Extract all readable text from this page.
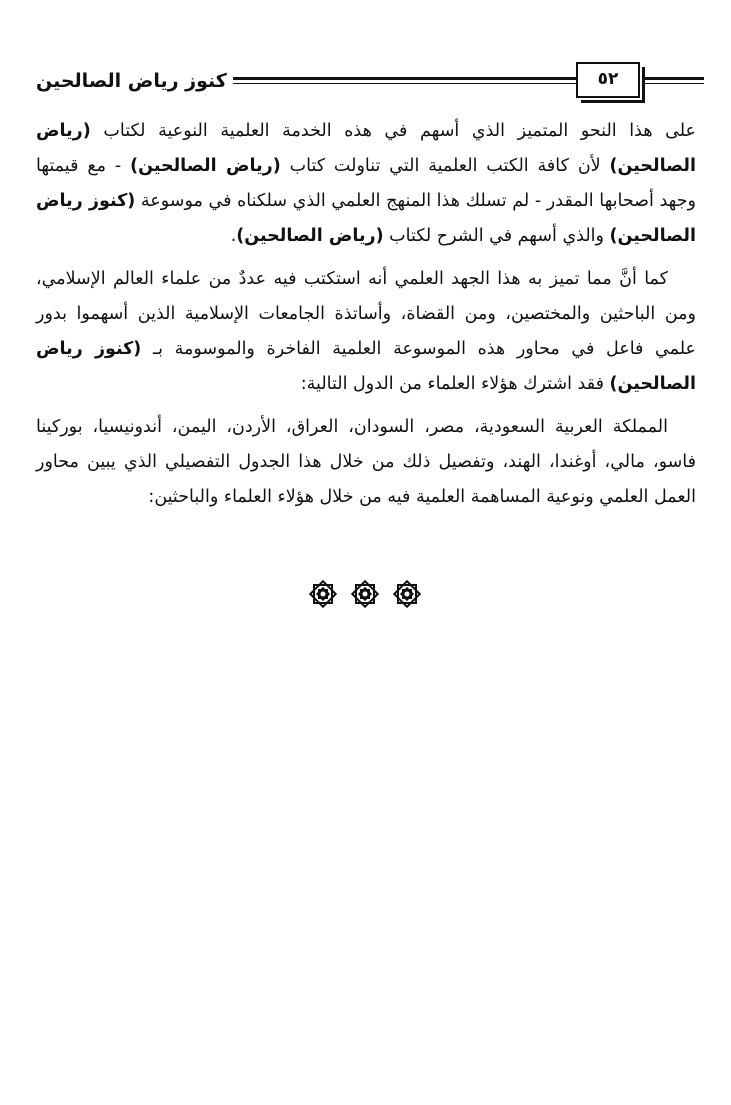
كنوز رياض الصالحين	٥٢

على هذا النحو المتميز الذي أسهم في هذه الخدمة العلمية النوعية لكتاب (رياض الصالحين) لأن كافة الكتب العلمية التي تناولت كتاب (رياض الصالحين) - مع قيمتها وجهد أصحابها المقدر - لم تسلك هذا المنهج العلمي الذي سلكناه في موسوعة (كنوز رياض الصالحين) والذي أسهم في الشرح لكتاب (رياض الصالحين).

كما أنَّ مما تميز به هذا الجهد العلمي أنه استكتب فيه عددٌ من علماء العالم الإسلامي، ومن الباحثين والمختصين، ومن القضاة، وأساتذة الجامعات الإسلامية الذين أسهموا بدور علمي فاعل في محاور هذه الموسوعة العلمية الفاخرة والموسومة بـ (كنوز رياض الصالحين) فقد اشترك هؤلاء العلماء من الدول التالية:

المملكة العربية السعودية، مصر، السودان، العراق، الأردن، اليمن، أندونيسيا، بوركينا فاسو، مالي، أوغندا، الهند، وتفصيل ذلك من خلال هذا الجدول التفصيلي الذي يبين محاور العمل العلمي ونوعية المساهمة العلمية فيه من خلال هؤلاء العلماء والباحثين:
